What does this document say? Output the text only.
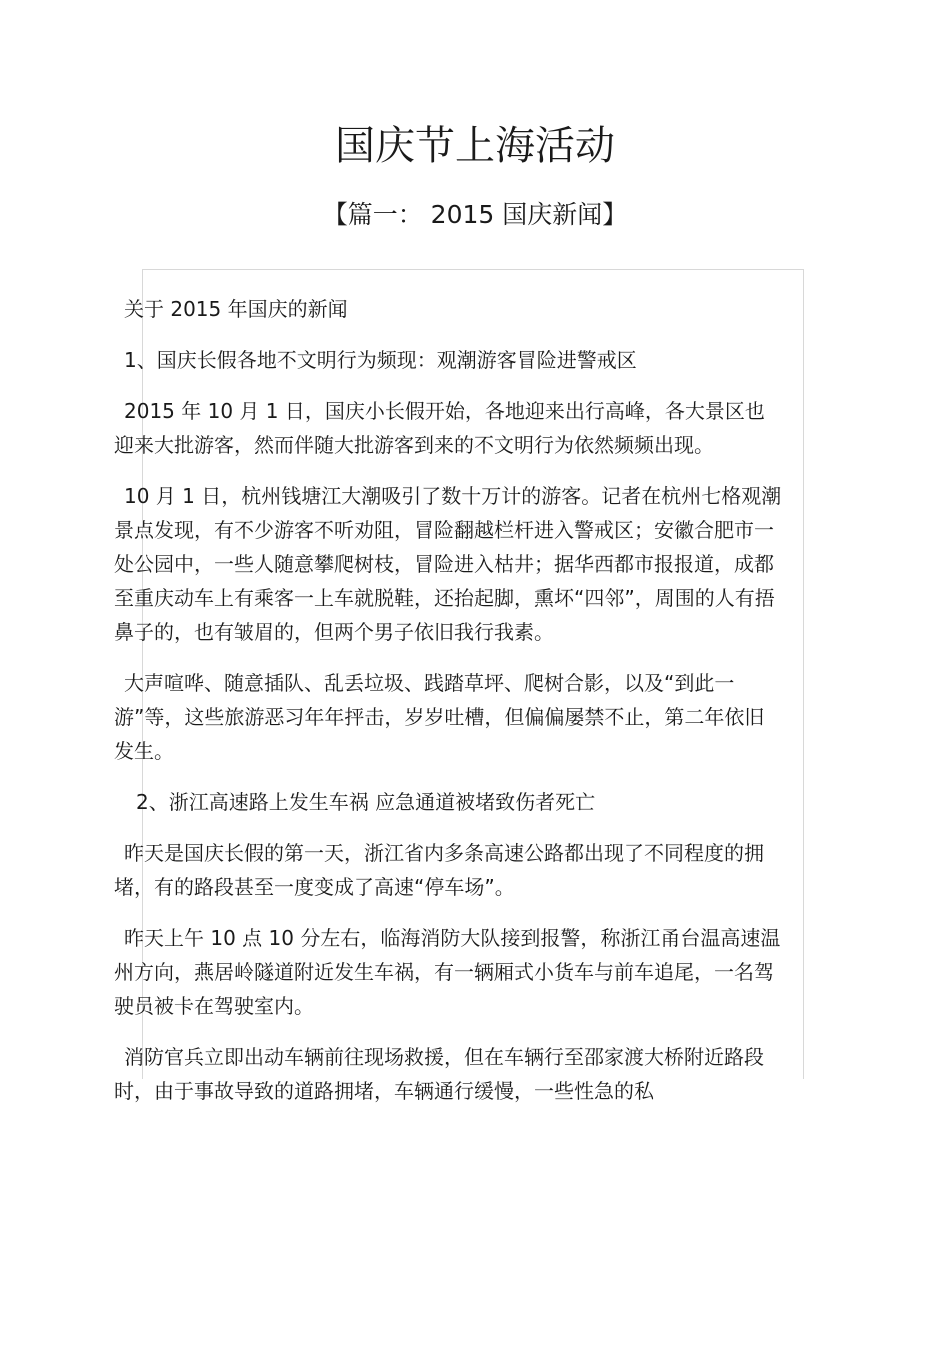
国庆节上海活动
【篇一： 2015 国庆新闻】

关于 2015 年国庆的新闻

1、国庆长假各地不文明行为频现：观潮游客冒险进警戒区

2015 年 10 月 1 日，国庆小长假开始，各地迎来出行高峰，各大景区也迎来大批游客，然而伴随大批游客到来的不文明行为依然频频出现。

10 月 1 日，杭州钱塘江大潮吸引了数十万计的游客。记者在杭州七格观潮景点发现，有不少游客不听劝阻，冒险翻越栏杆进入警戒区；安徽合肥市一处公园中，一些人随意攀爬树枝，冒险进入枯井；据华西都市报报道，成都至重庆动车上有乘客一上车就脱鞋，还抬起脚，熏坏“四邻”，周围的人有捂鼻子的，也有皱眉的，但两个男子依旧我行我素。

大声喧哗、随意插队、乱丢垃圾、践踏草坪、爬树合影，以及“到此一游”等，这些旅游恶习年年抨击，岁岁吐槽，但偏偏屡禁不止，第二年依旧发生。

2、浙江高速路上发生车祸 应急通道被堵致伤者死亡

昨天是国庆长假的第一天，浙江省内多条高速公路都出现了不同程度的拥堵，有的路段甚至一度变成了高速“停车场”。

昨天上午 10 点 10 分左右，临海消防大队接到报警，称浙江甬台温高速温州方向，燕居岭隧道附近发生车祸，有一辆厢式小货车与前车追尾，一名驾驶员被卡在驾驶室内。

消防官兵立即出动车辆前往现场救援，但在车辆行至邵家渡大桥附近路段时，由于事故导致的道路拥堵，车辆通行缓慢，一些性急的私
